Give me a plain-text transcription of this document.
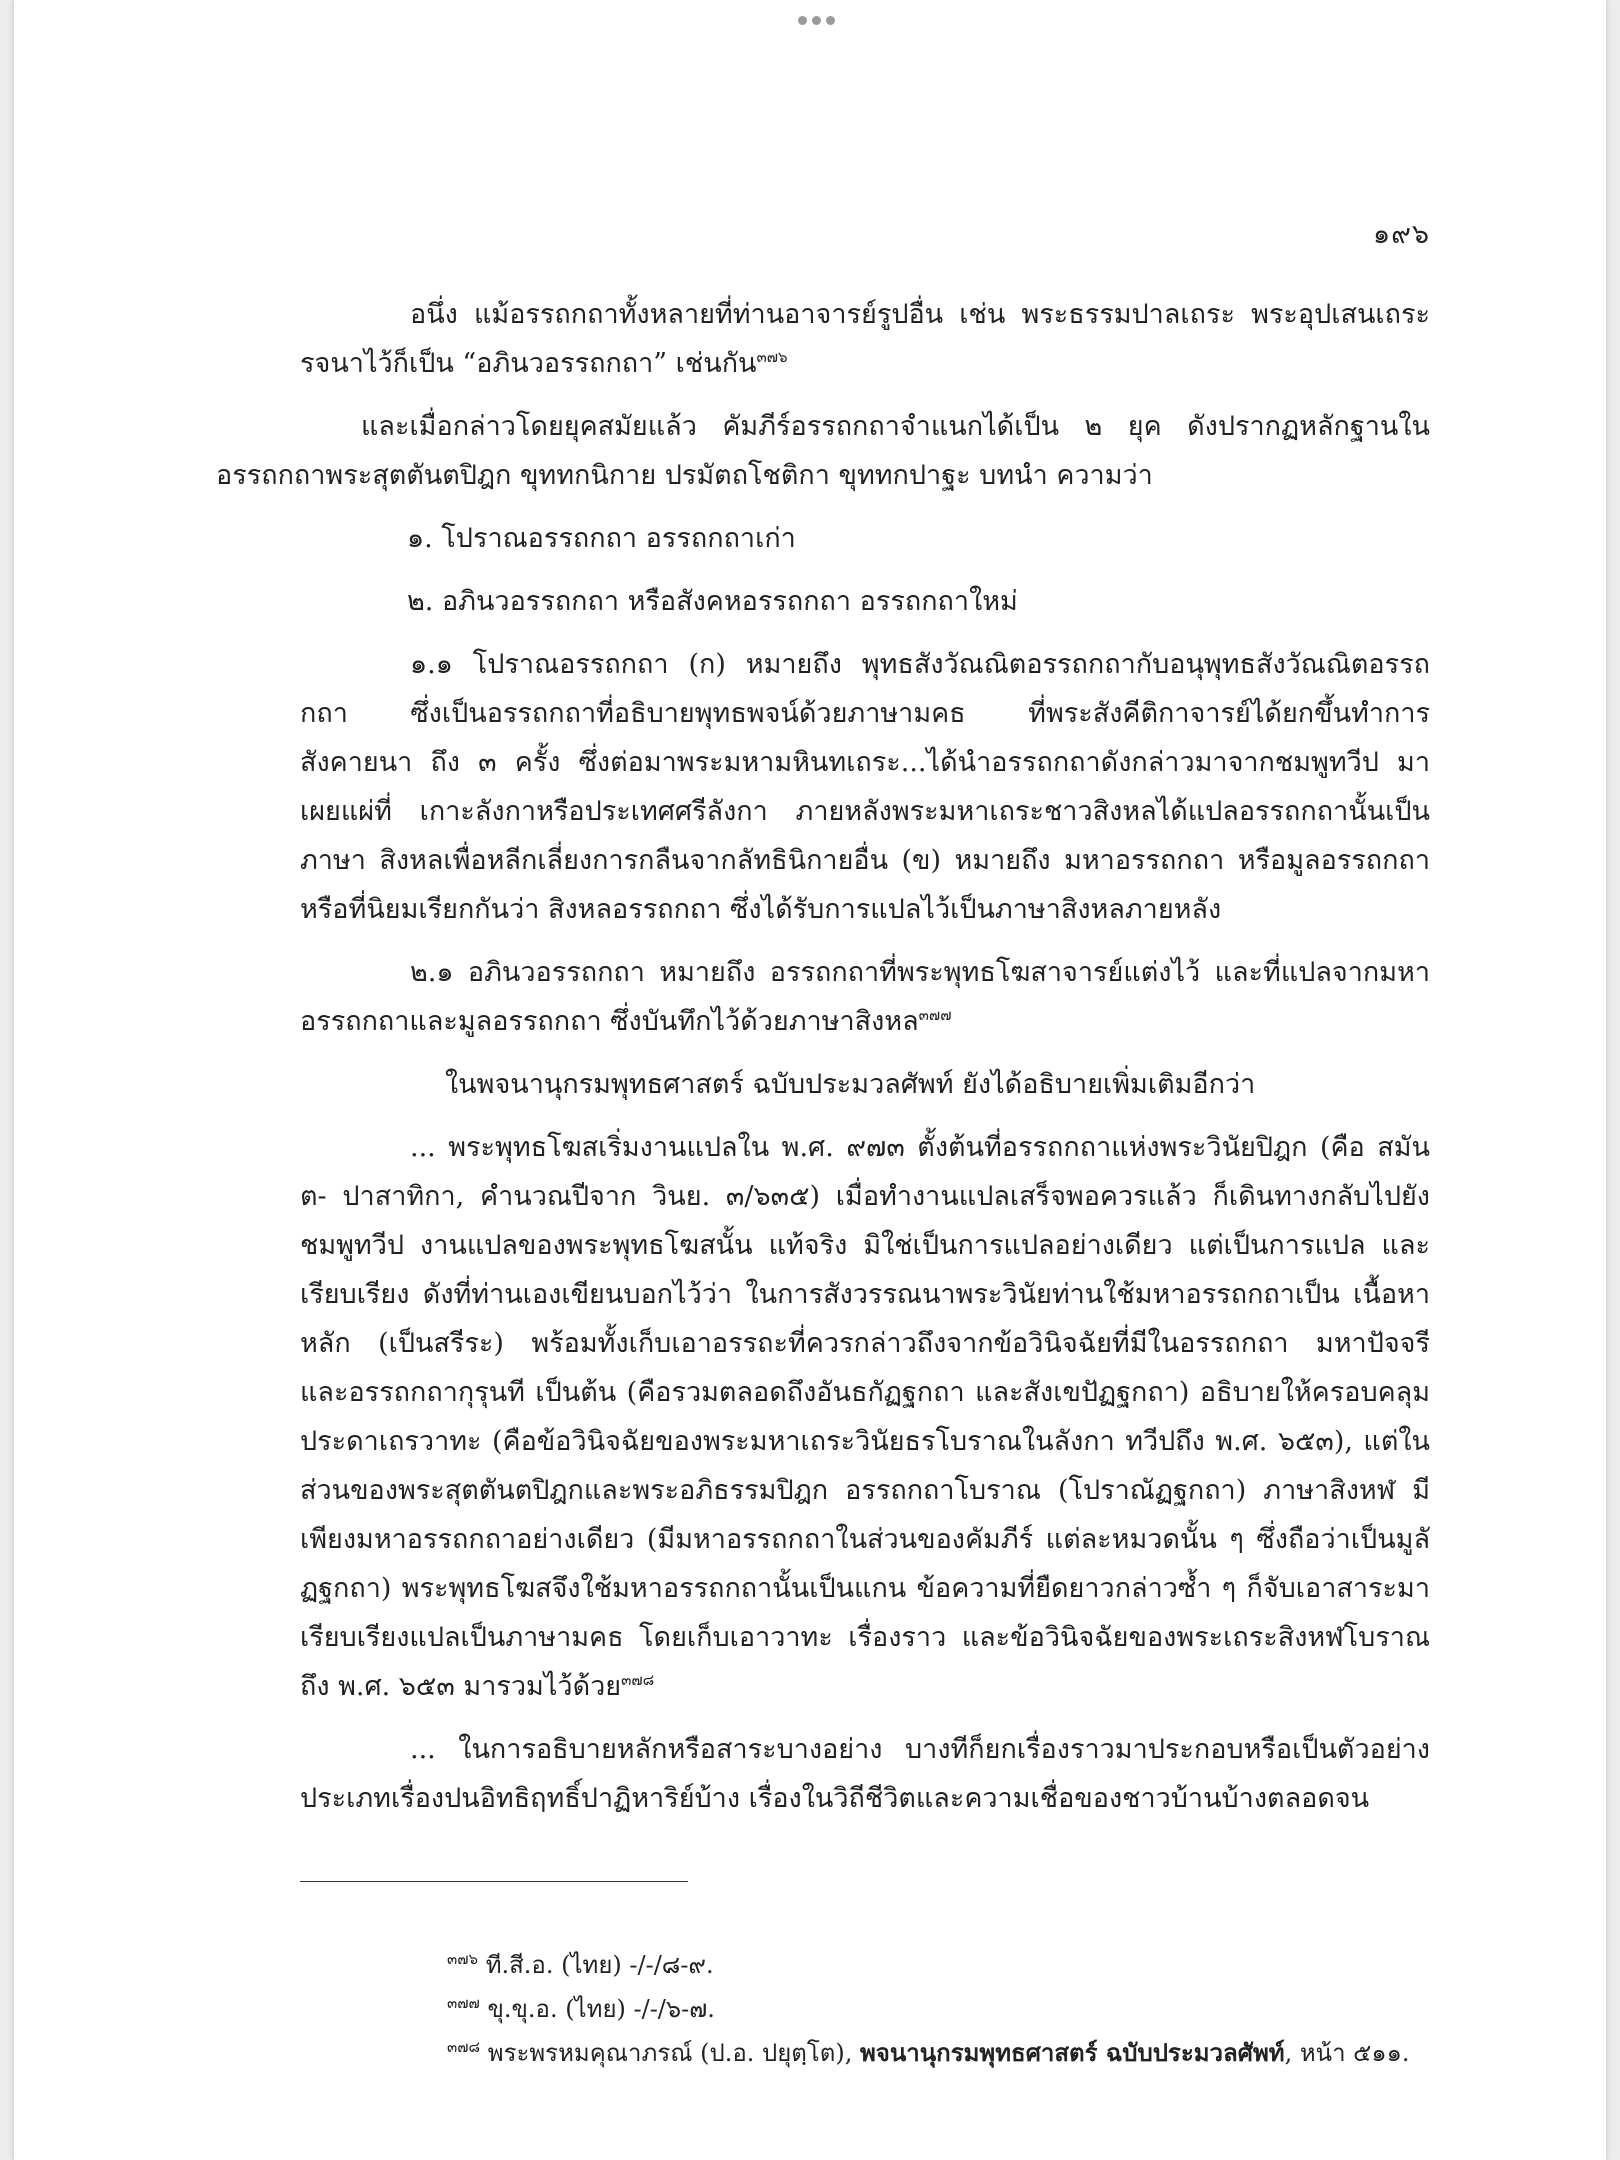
๑๙๖

อนึ่ง แม้อรรถกถาทั้งหลายที่ท่านอาจารย์รูปอื่น เช่น พระธรรมปาลเถระ พระอุปเสนเถระ รจนาไว้ก็เป็น “อภินวอรรถกถา” เช่นกัน$^{๓๗๖}$

และเมื่อกล่าวโดยยุคสมัยแล้ว คัมภีร์อรรถกถาจำแนกได้เป็น ๒ ยุค ดังปรากฏหลักฐานใน อรรถกถาพระสุตตันตปิฎก ขุททกนิกาย ปรมัตถโชติกา ขุททกปาฐะ บทนำ ความว่า

๑. โปราณอรรถกถา อรรถกถาเก่า

๒. อภินวอรรถกถา หรือสังคหอรรถกถา อรรถกถาใหม่

๑.๑ โปราณอรรถกถา (ก) หมายถึง พุทธสังวัณณิตอรรถกถากับอนุพุทธสังวัณณิตอรรถกถา ซึ่งเป็นอรรถกถาที่อธิบายพุทธพจน์ด้วยภาษามคธ ที่พระสังคีติกาจารย์ได้ยกขึ้นทำการสังคายนา ถึง ๓ ครั้ง ซึ่งต่อมาพระมหามหินทเถระ...ได้นำอรรถกถาดังกล่าวมาจากชมพูทวีป มาเผยแผ่ที่ เกาะลังกาหรือประเทศศรีลังกา ภายหลังพระมหาเถระชาวสิงหลได้แปลอรรถกถานั้นเป็นภาษา สิงหลเพื่อหลีกเลี่ยงการกลืนจากลัทธินิกายอื่น (ข) หมายถึง มหาอรรถกถา หรือมูลอรรถกถา หรือที่นิยมเรียกกันว่า สิงหลอรรถกถา ซึ่งได้รับการแปลไว้เป็นภาษาสิงหลภายหลัง

๒.๑ อภินวอรรถกถา หมายถึง อรรถกถาที่พระพุทธโฆสาจารย์แต่งไว้ และที่แปลจากมหา อรรถกถาและมูลอรรถกถา ซึ่งบันทึกไว้ด้วยภาษาสิงหล$^{๓๗๗}$

ในพจนานุกรมพุทธศาสตร์ ฉบับประมวลศัพท์ ยังได้อธิบายเพิ่มเติมอีกว่า

... พระพุทธโฆสเริ่มงานแปลใน พ.ศ. ๙๗๓ ตั้งต้นที่อรรถกถาแห่งพระวินัยปิฎก (คือ สมันต- ปาสาทิกา, คำนวณปีจาก วินย. ๓/๖๓๕) เมื่อทำงานแปลเสร็จพอควรแล้ว ก็เดินทางกลับไปยัง ชมพูทวีป งานแปลของพระพุทธโฆสนั้น แท้จริง มิใช่เป็นการแปลอย่างเดียว แต่เป็นการแปล และเรียบเรียง ดังที่ท่านเองเขียนบอกไว้ว่า ในการสังวรรณนาพระวินัยท่านใช้มหาอรรถกถาเป็น เนื้อหาหลัก (เป็นสรีระ) พร้อมทั้งเก็บเอาอรรถะที่ควรกล่าวถึงจากข้อวินิจฉัยที่มีในอรรถกถา มหาปัจจรี และอรรถกถากุรุนที เป็นต้น (คือรวมตลอดถึงอันธกัฏฐกถา และสังเขปัฏฐกถา) อธิบายให้ครอบคลุมประดาเถรวาทะ (คือข้อวินิจฉัยของพระมหาเถระวินัยธรโบราณในลังกา ทวีปถึง พ.ศ. ๖๕๓), แต่ในส่วนของพระสุตตันตปิฎกและพระอภิธรรมปิฎก อรรถกถาโบราณ (โปราณัฏฐกถา) ภาษาสิงหฬ มีเพียงมหาอรรถกถาอย่างเดียว (มีมหาอรรถกถาในส่วนของคัมภีร์ แต่ละหมวดนั้น ๆ ซึ่งถือว่าเป็นมูลัฏฐกถา) พระพุทธโฆสจึงใช้มหาอรรถกถานั้นเป็นแกน ข้อความที่ยืดยาวกล่าวซ้ำ ๆ ก็จับเอาสาระมาเรียบเรียงแปลเป็นภาษามคธ โดยเก็บเอาวาทะ เรื่องราว และข้อวินิจฉัยของพระเถระสิงหฬโบราณ ถึง พ.ศ. ๖๕๓ มารวมไว้ด้วย$^{๓๗๘}$

... ในการอธิบายหลักหรือสาระบางอย่าง บางทีก็ยกเรื่องราวมาประกอบหรือเป็นตัวอย่าง ประเภทเรื่องปนอิทธิฤทธิ์ปาฏิหาริย์บ้าง เรื่องในวิถีชีวิตและความเชื่อของชาวบ้านบ้างตลอดจน

$^{๓๗๖}$ ที.สี.อ. (ไทย) -/-/๘-๙.

$^{๓๗๗}$ ขุ.ขุ.อ. (ไทย) -/-/๖-๗.

$^{๓๗๘}$ พระพรหมคุณาภรณ์ (ป.อ. ปยุตฺโต), พจนานุกรมพุทธศาสตร์ ฉบับประมวลศัพท์, หน้า ๕๑๑.
